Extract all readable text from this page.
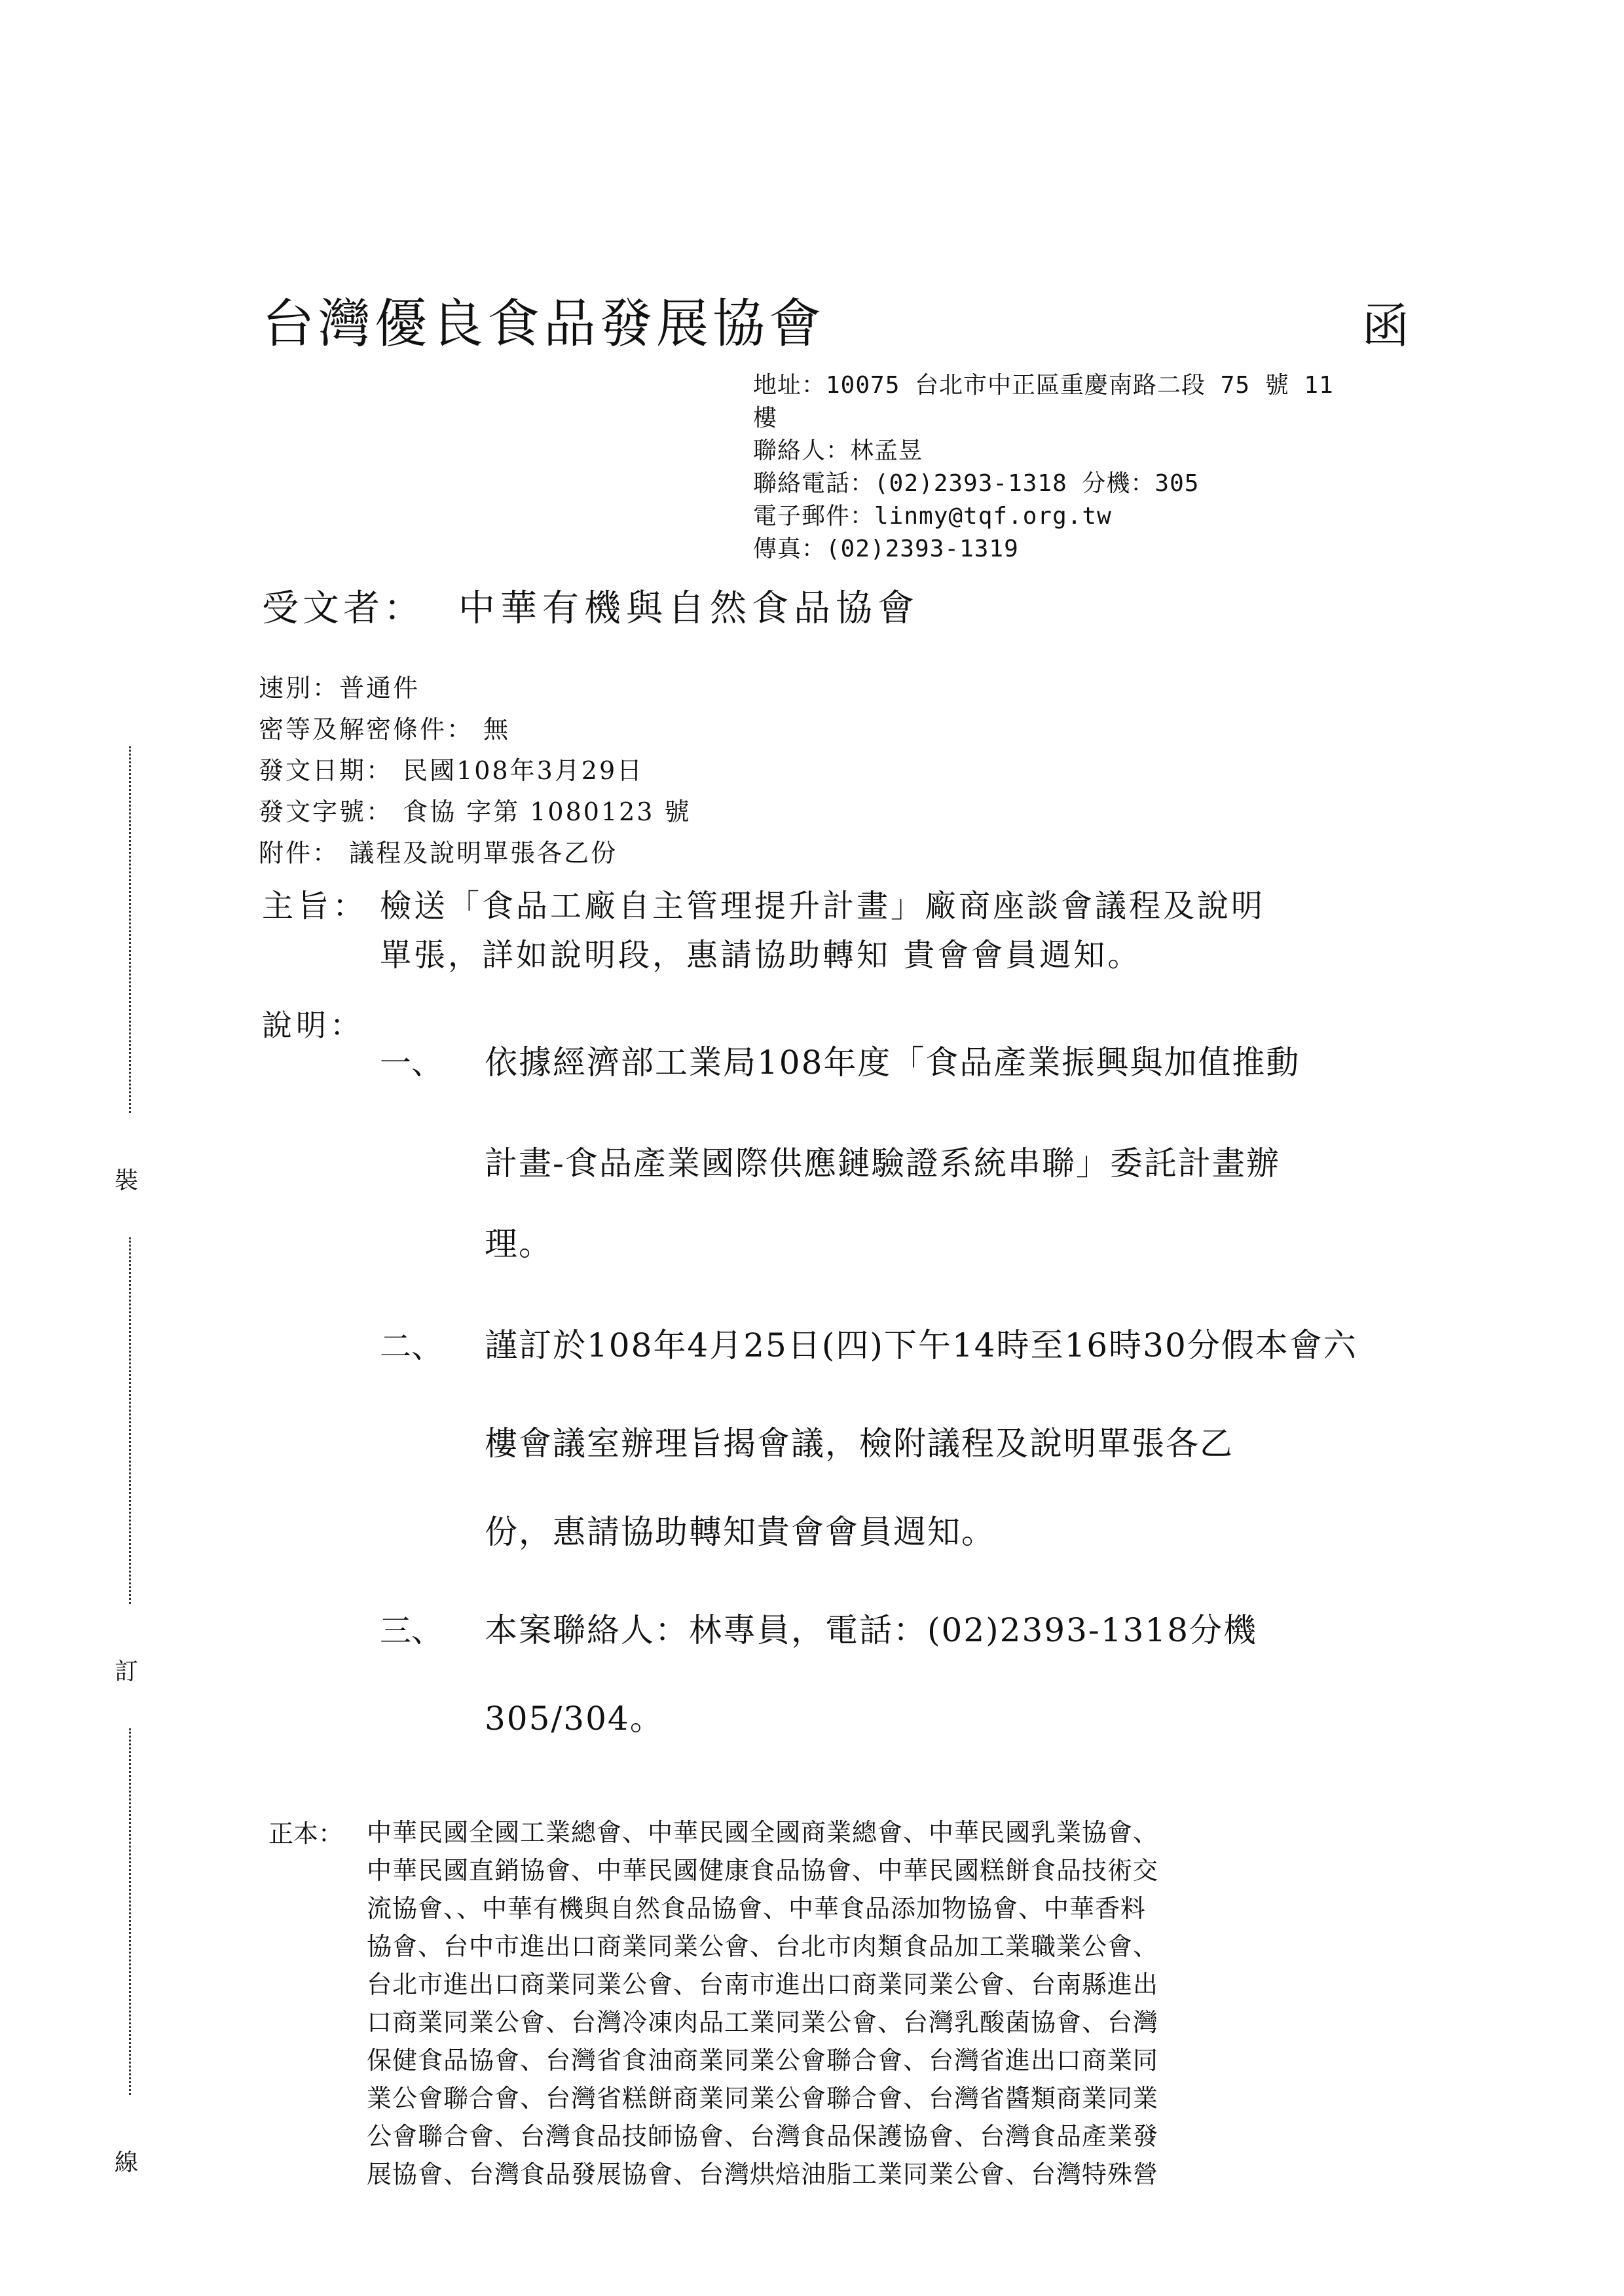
台灣優良食品發展協會	函
地址：10075 台北市中正區重慶南路二段 75 號 11
樓
聯絡人：林孟昱
聯絡電話：(02)2393-1318 分機：305
電子郵件：linmy@tqf.org.tw
傳真：(02)2393-1319
受文者： 中華有機與自然食品協會
速別：普通件
密等及解密條件： 無
發文日期： 民國108年3月29日
發文字號： 食協 字第 1080123 號
附件： 議程及說明單張各乙份
主旨： 檢送「食品工廠自主管理提升計畫」廠商座談會議程及說明
單張，詳如說明段，惠請協助轉知 貴會會員週知。
說明：
一、 依據經濟部工業局108年度「食品產業振興與加值推動
計畫-食品產業國際供應鏈驗證系統串聯」委託計畫辦
理。
二、 謹訂於108年4月25日(四)下午14時至16時30分假本會六
樓會議室辦理旨揭會議，檢附議程及說明單張各乙
份，惠請協助轉知貴會會員週知。
三、 本案聯絡人：林專員，電話：(02)2393-1318分機
305/304。
正本： 中華民國全國工業總會、中華民國全國商業總會、中華民國乳業協會、
中華民國直銷協會、中華民國健康食品協會、中華民國糕餅食品技術交
流協會、、中華有機與自然食品協會、中華食品添加物協會、中華香料
協會、台中市進出口商業同業公會、台北市肉類食品加工業職業公會、
台北市進出口商業同業公會、台南市進出口商業同業公會、台南縣進出
口商業同業公會、台灣冷凍肉品工業同業公會、台灣乳酸菌協會、台灣
保健食品協會、台灣省食油商業同業公會聯合會、台灣省進出口商業同
業公會聯合會、台灣省糕餅商業同業公會聯合會、台灣省醬類商業同業
公會聯合會、台灣食品技師協會、台灣食品保護協會、台灣食品產業發
展協會、台灣食品發展協會、台灣烘焙油脂工業同業公會、台灣特殊營
裝
訂
線
